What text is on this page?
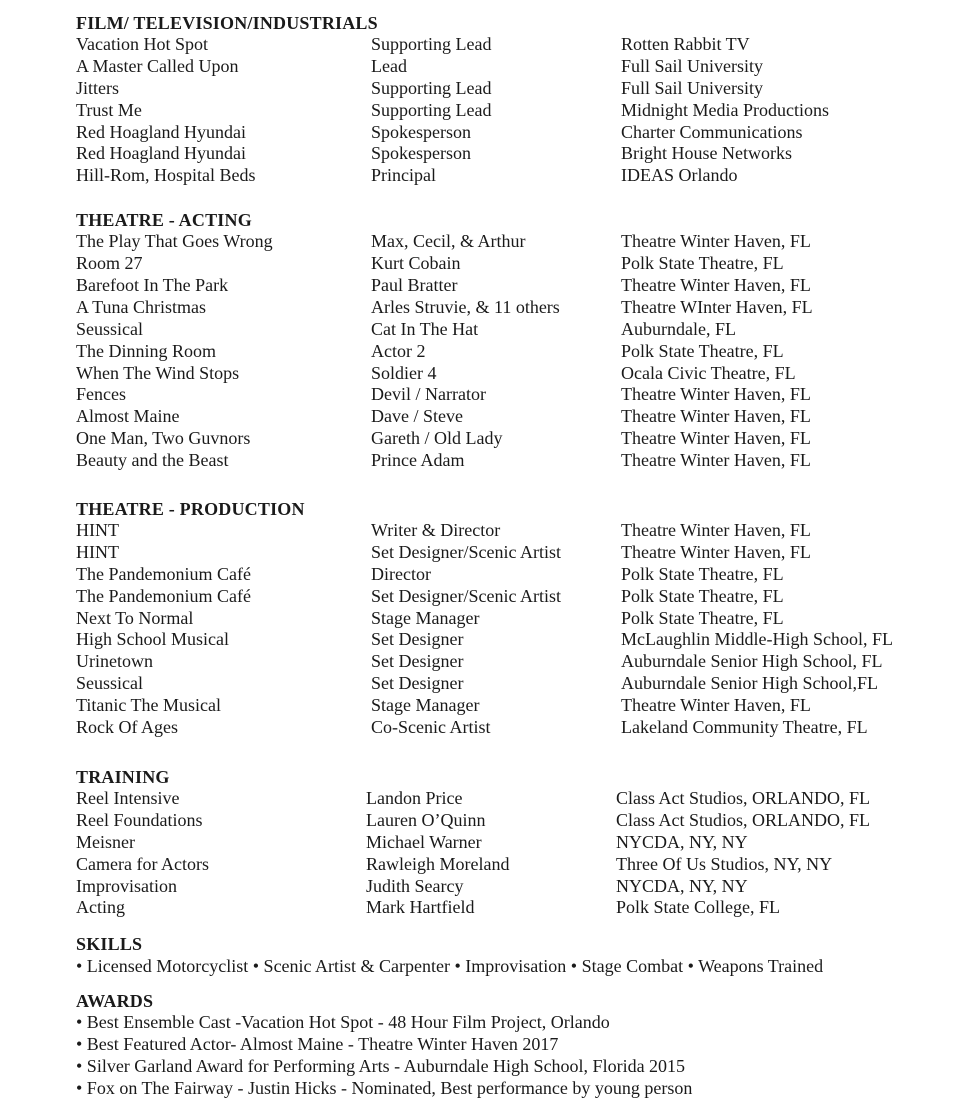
FILM/ TELEVISION/INDUSTRIALS
Vacation Hot Spot	Supporting Lead	Rotten Rabbit TV
A Master Called Upon	Lead	Full Sail University
Jitters	Supporting Lead	Full Sail University
Trust Me	Supporting Lead	Midnight Media Productions
Red Hoagland Hyundai	Spokesperson	Charter Communications
Red Hoagland Hyundai	Spokesperson	Bright House Networks
Hill-Rom, Hospital Beds	Principal	IDEAS Orlando
THEATRE - ACTING
The Play That Goes Wrong	Max, Cecil, & Arthur	Theatre Winter Haven, FL
Room 27	Kurt Cobain	Polk State Theatre, FL
Barefoot In The Park	Paul Bratter	Theatre Winter Haven, FL
A Tuna Christmas	Arles Struvie, & 11 others	Theatre WInter Haven, FL
Seussical	Cat In The Hat	Auburndale, FL
The Dinning Room	Actor 2	Polk State Theatre, FL
When The Wind Stops	Soldier 4	Ocala Civic Theatre, FL
Fences	Devil / Narrator	Theatre Winter Haven, FL
Almost Maine	Dave / Steve	Theatre Winter Haven, FL
One Man, Two Guvnors	Gareth / Old Lady	Theatre Winter Haven, FL
Beauty and the Beast	Prince Adam	Theatre Winter Haven, FL
THEATRE - PRODUCTION
HINT	Writer & Director	Theatre Winter Haven, FL
HINT	Set Designer/Scenic Artist	Theatre Winter Haven, FL
The Pandemonium Café	Director	Polk State Theatre, FL
The Pandemonium Café	Set Designer/Scenic Artist	Polk State Theatre, FL
Next To Normal	Stage Manager	Polk State Theatre, FL
High School Musical	Set Designer	McLaughlin Middle-High School, FL
Urinetown	Set Designer	Auburndale Senior High School, FL
Seussical	Set Designer	Auburndale Senior High School,FL
Titanic The Musical	Stage Manager	Theatre Winter Haven, FL
Rock Of Ages	Co-Scenic Artist	Lakeland Community Theatre, FL
TRAINING
Reel Intensive	Landon Price	Class Act Studios, ORLANDO, FL
Reel Foundations	Lauren O’Quinn	Class Act Studios, ORLANDO, FL
Meisner	Michael Warner	NYCDA, NY, NY
Camera for Actors	Rawleigh Moreland	Three Of Us Studios, NY, NY
Improvisation	Judith Searcy	NYCDA, NY, NY
Acting	Mark Hartfield	Polk State College, FL
SKILLS
• Licensed Motorcyclist • Scenic Artist & Carpenter • Improvisation • Stage Combat • Weapons Trained
AWARDS
• Best Ensemble Cast -Vacation Hot Spot - 48 Hour Film Project, Orlando
• Best Featured Actor- Almost Maine - Theatre Winter Haven 2017
• Silver Garland Award for Performing Arts - Auburndale High School, Florida 2015
• Fox on The Fairway - Justin Hicks - Nominated, Best performance by young person
